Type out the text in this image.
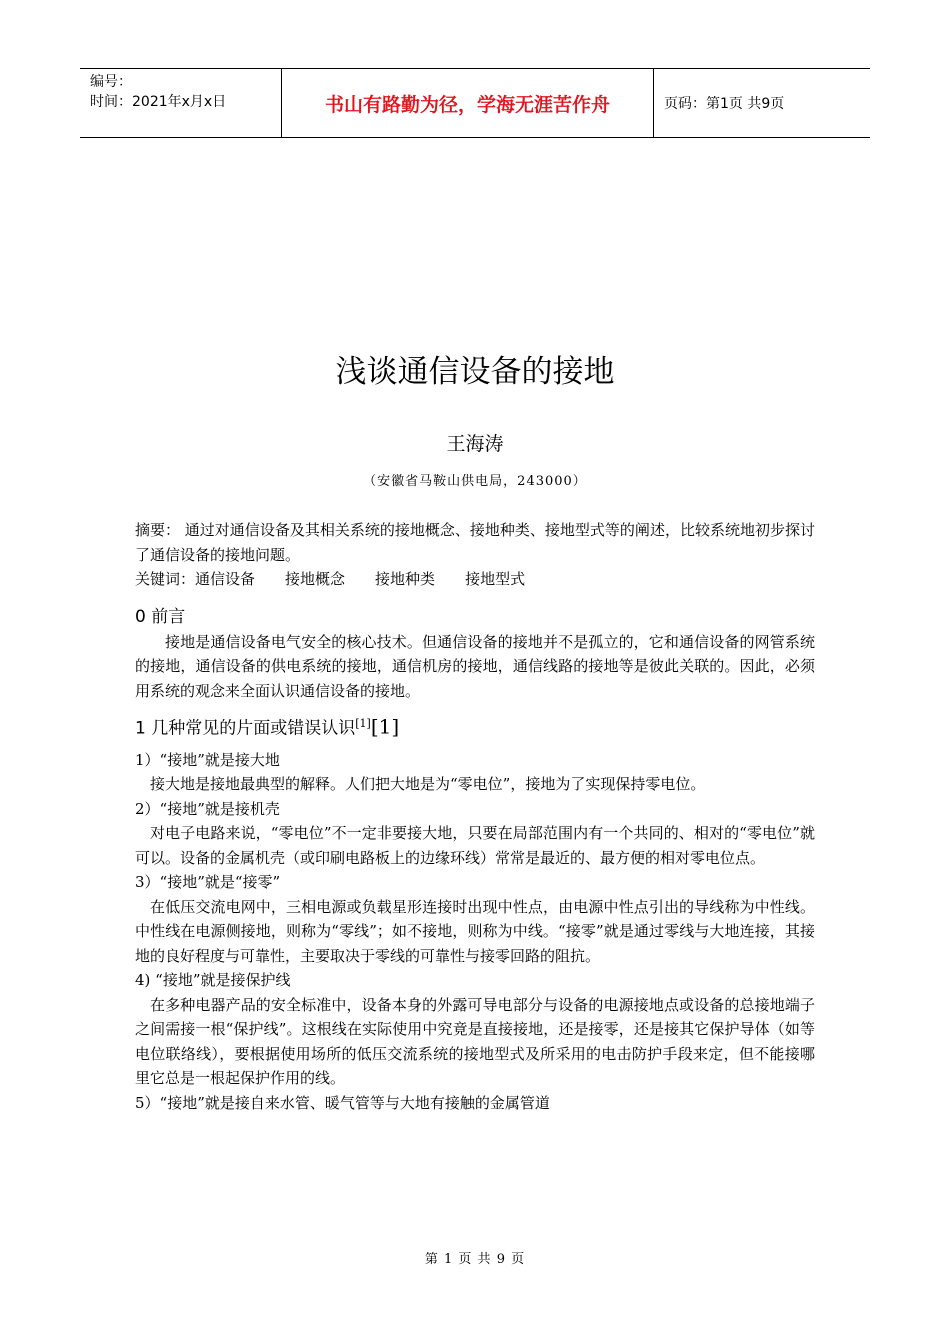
编号：
时间：2021年x月x日	书山有路勤为径，学海无涯苦作舟	页码：第1页 共9页
浅谈通信设备的接地
王海涛
（安徽省马鞍山供电局，243000）

摘要： 通过对通信设备及其相关系统的接地概念、接地种类、接地型式等的阐述，比较系统地初步探讨了通信设备的接地问题。

关键词：通信设备 接地概念 接地种类 接地型式

0 前言

接地是通信设备电气安全的核心技术。但通信设备的接地并不是孤立的，它和通信设备的网管系统的接地，通信设备的供电系统的接地，通信机房的接地，通信线路的接地等是彼此关联的。因此，必须用系统的观念来全面认识通信设备的接地。

1 几种常见的片面或错误认识[1][1]

1）“接地”就是接大地

接大地是接地最典型的解释。人们把大地是为“零电位”，接地为了实现保持零电位。

2）“接地”就是接机壳

对电子电路来说，“零电位”不一定非要接大地，只要在局部范围内有一个共同的、相对的“零电位”就可以。设备的金属机壳（或印刷电路板上的边缘环线）常常是最近的、最方便的相对零电位点。

3）“接地”就是“接零”

在低压交流电网中，三相电源或负载星形连接时出现中性点，由电源中性点引出的导线称为中性线。中性线在电源侧接地，则称为“零线”；如不接地，则称为中线。“接零”就是通过零线与大地连接，其接地的良好程度与可靠性，主要取决于零线的可靠性与接零回路的阻抗。

4) “接地”就是接保护线

在多种电器产品的安全标准中，设备本身的外露可导电部分与设备的电源接地点或设备的总接地端子之间需接一根“保护线”。这根线在实际使用中究竟是直接接地，还是接零，还是接其它保护导体（如等电位联络线），要根据使用场所的低压交流系统的接地型式及所采用的电击防护手段来定，但不能接哪里它总是一根起保护作用的线。

5）“接地”就是接自来水管、暖气管等与大地有接触的金属管道

第 1 页 共 9 页
